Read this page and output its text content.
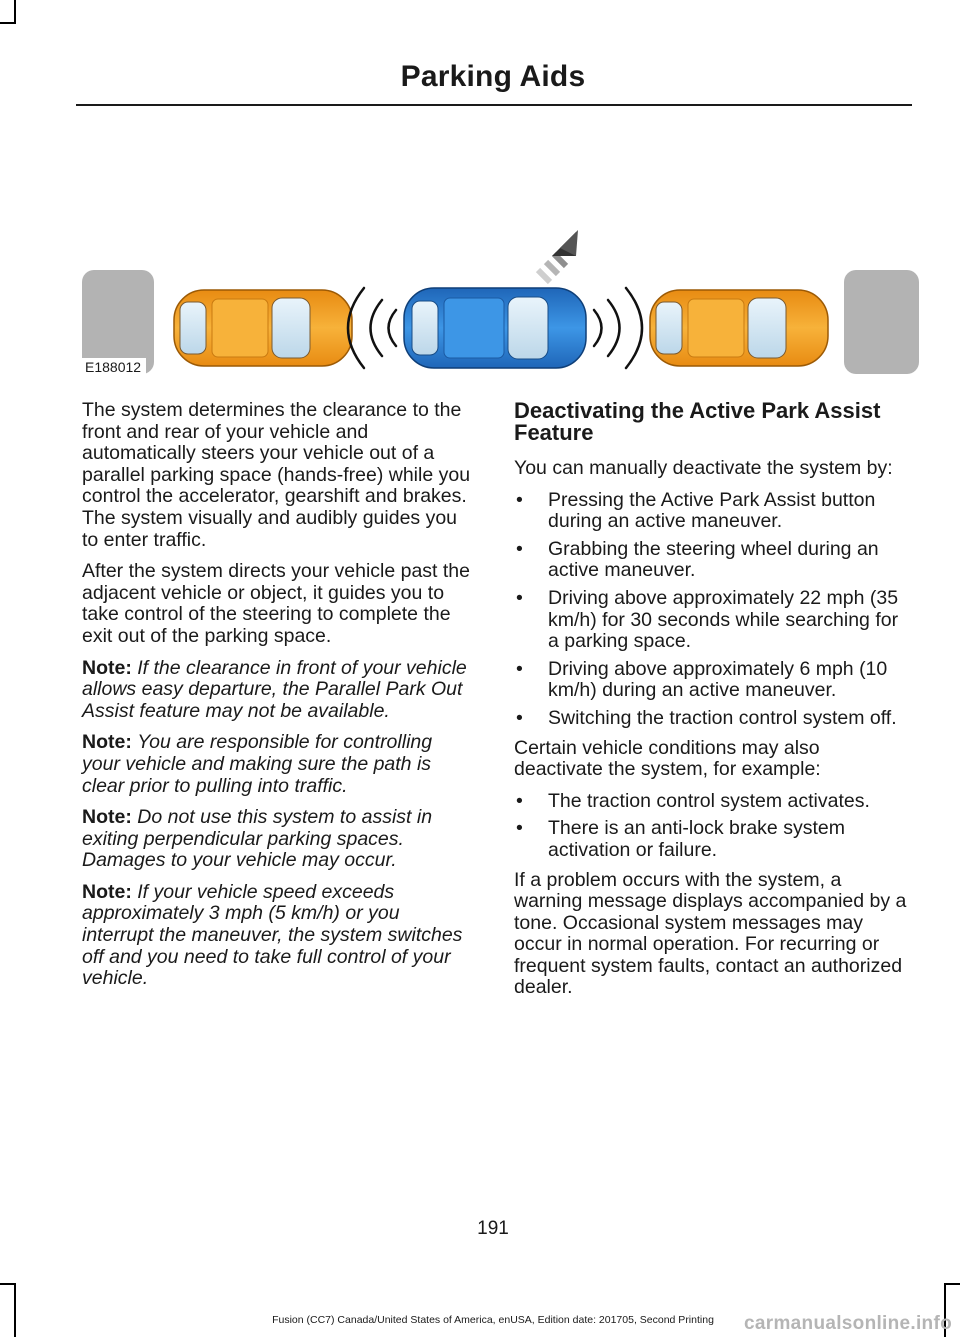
Parking Aids
E188012

The system determines the clearance to the front and rear of your vehicle and automatically steers your vehicle out of a parallel parking space (hands-free) while you control the accelerator, gearshift and brakes. The system visually and audibly guides you to enter traffic.

After the system directs your vehicle past the adjacent vehicle or object, it guides you to take control of the steering to complete the exit out of the parking space.

Note: If the clearance in front of your vehicle allows easy departure, the Parallel Park Out Assist feature may not be available.

Note: You are responsible for controlling your vehicle and making sure the path is clear prior to pulling into traffic.

Note: Do not use this system to assist in exiting perpendicular parking spaces. Damages to your vehicle may occur.

Note: If your vehicle speed exceeds approximately 3 mph (5 km/h) or you interrupt the maneuver, the system switches off and you need to take full control of your vehicle.

Deactivating the Active Park Assist Feature

You can manually deactivate the system by:

• Pressing the Active Park Assist button during an active maneuver.
• Grabbing the steering wheel during an active maneuver.
• Driving above approximately 22 mph (35 km/h) for 30 seconds while searching for a parking space.
• Driving above approximately 6 mph (10 km/h) during an active maneuver.
• Switching the traction control system off.

Certain vehicle conditions may also deactivate the system, for example:

• The traction control system activates.
• There is an anti-lock brake system activation or failure.

If a problem occurs with the system, a warning message displays accompanied by a tone. Occasional system messages may occur in normal operation. For recurring or frequent system faults, contact an authorized dealer.

191
Fusion (CC7) Canada/United States of America, enUSA, Edition date: 201705, Second Printing	carmanualsonline.info
